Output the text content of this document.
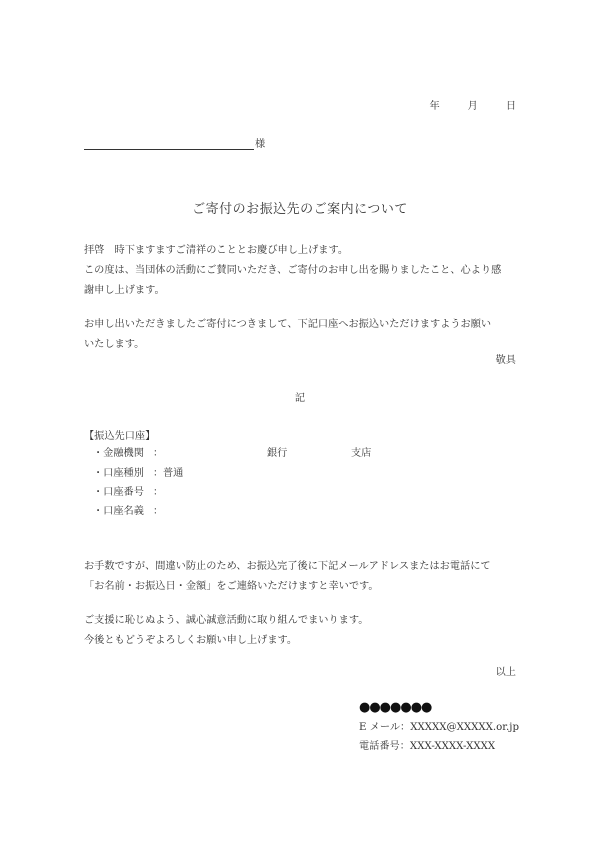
年	月	日
様
ご寄付のお振込先のご案内について
拝啓　時下ますますご清祥のこととお慶び申し上げます。
この度は、当団体の活動にご賛同いただき、ご寄付のお申し出を賜りましたこと、心より感
謝申し上げます。
お申し出いただきましたご寄付につきまして、下記口座へお振込いただけますようお願い
いたします。
敬具
記
【振込先口座】
・金融機関 ：	銀行	支店
・口座種別 ：普通
・口座番号 ：
・口座名義 ：
お手数ですが、間違い防止のため、お振込完了後に下記メールアドレスまたはお電話にて
「お名前・お振込日・金額」をご連絡いただけますと幸いです。
ご支援に恥じぬよう、誠心誠意活動に取り組んでまいります。
今後ともどうぞよろしくお願い申し上げます。
以上
●●●●●●●
E メール：XXXXX@XXXXX.or.jp
電話番号：XXX-XXXX-XXXX
